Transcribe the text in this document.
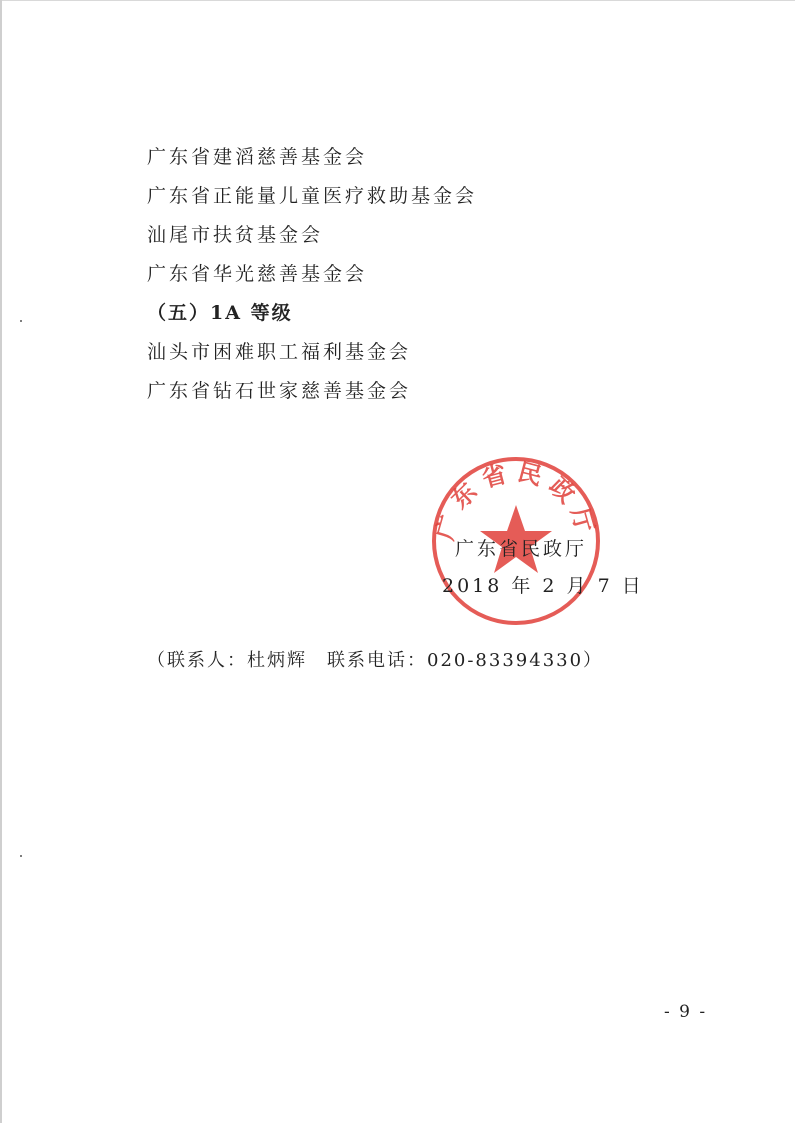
广东省建滔慈善基金会
广东省正能量儿童医疗救助基金会
汕尾市扶贫基金会
广东省华光慈善基金会
（五）1A 等级
汕头市困难职工福利基金会
广东省钻石世家慈善基金会
广东省民政厅
广东省民政厅
2018 年 2 月 7 日
（联系人：杜炳辉　联系电话：020-83394330）
- 9 -
